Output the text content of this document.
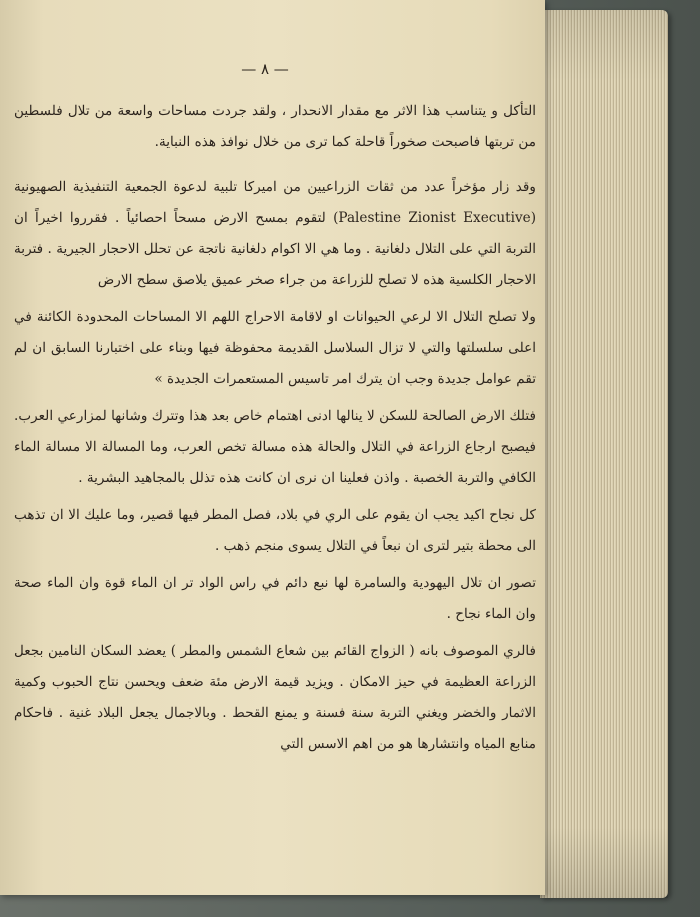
— ٨ —

التأكل و يتناسب هذا الاثر مع مقدار الانحدار ، ولقد جردت مساحات واسعة من تلال فلسطين من تربتها فاصبحت صخوراً قاحلة كما ترى من خلال نوافذ هذه النباية.

وقد زار مؤخراً عدد من ثقات الزراعيين من اميركا تلبية لدعوة الجمعية التنفيذية الصهيونية (Palestine Zionist Executive) لتقوم بمسح الارض مسحاً احصائياً . فقرروا اخيراً ان التربة التي على التلال دلغانية . وما هي الا اكوام دلغانية ناتجة عن تحلل الاحجار الجيرية . فتربة الاحجار الكلسية هذه لا تصلح للزراعة من جراء صخر عميق يلاصق سطح الارض

ولا تصلح التلال الا لرعي الحيوانات او لاقامة الاحراج اللهم الا المساحات المحدودة الكائنة في اعلى سلسلتها والتي لا تزال السلاسل القديمة محفوظة فيها وبناء على اختبارنا السابق ان لم تقم عوامل جديدة وجب ان يترك امر تاسيس المستعمرات الجديدة »

فتلك الارض الصالحة للسكن لا ينالها ادنى اهتمام خاص بعد هذا وتترك وشانها لمزارعي العرب. فيصبح ارجاع الزراعة في التلال والحالة هذه مسالة تخص العرب، وما المسالة الا مسالة الماء الكافي والتربة الخصبة . واذن فعلينا ان نرى ان كانت هذه تذلل بالمجاهيد البشرية .

كل نجاح اكيد يجب ان يقوم على الري في بلاد، فصل المطر فيها قصير، وما عليك الا ان تذهب الى محطة بتير لترى ان نبعاً في التلال يسوى منجم ذهب .

تصور ان تلال اليهودية والسامرة لها نبع دائم في راس الواد تر ان الماء قوة وان الماء صحة وان الماء نجاح .

فالري الموصوف بانه ( الزواج القائم بين شعاع الشمس والمطر ) يعضد السكان النامين بجعل الزراعة العظيمة في حيز الامكان . ويزيد قيمة الارض مئة ضعف ويحسن نتاج الحبوب وكمية الاثمار والخضر ويغني التربة سنة فسنة و يمنع القحط . وبالاجمال يجعل البلاد غنية . فاحكام منابع المياه وانتشارها هو من اهم الاسس التي
